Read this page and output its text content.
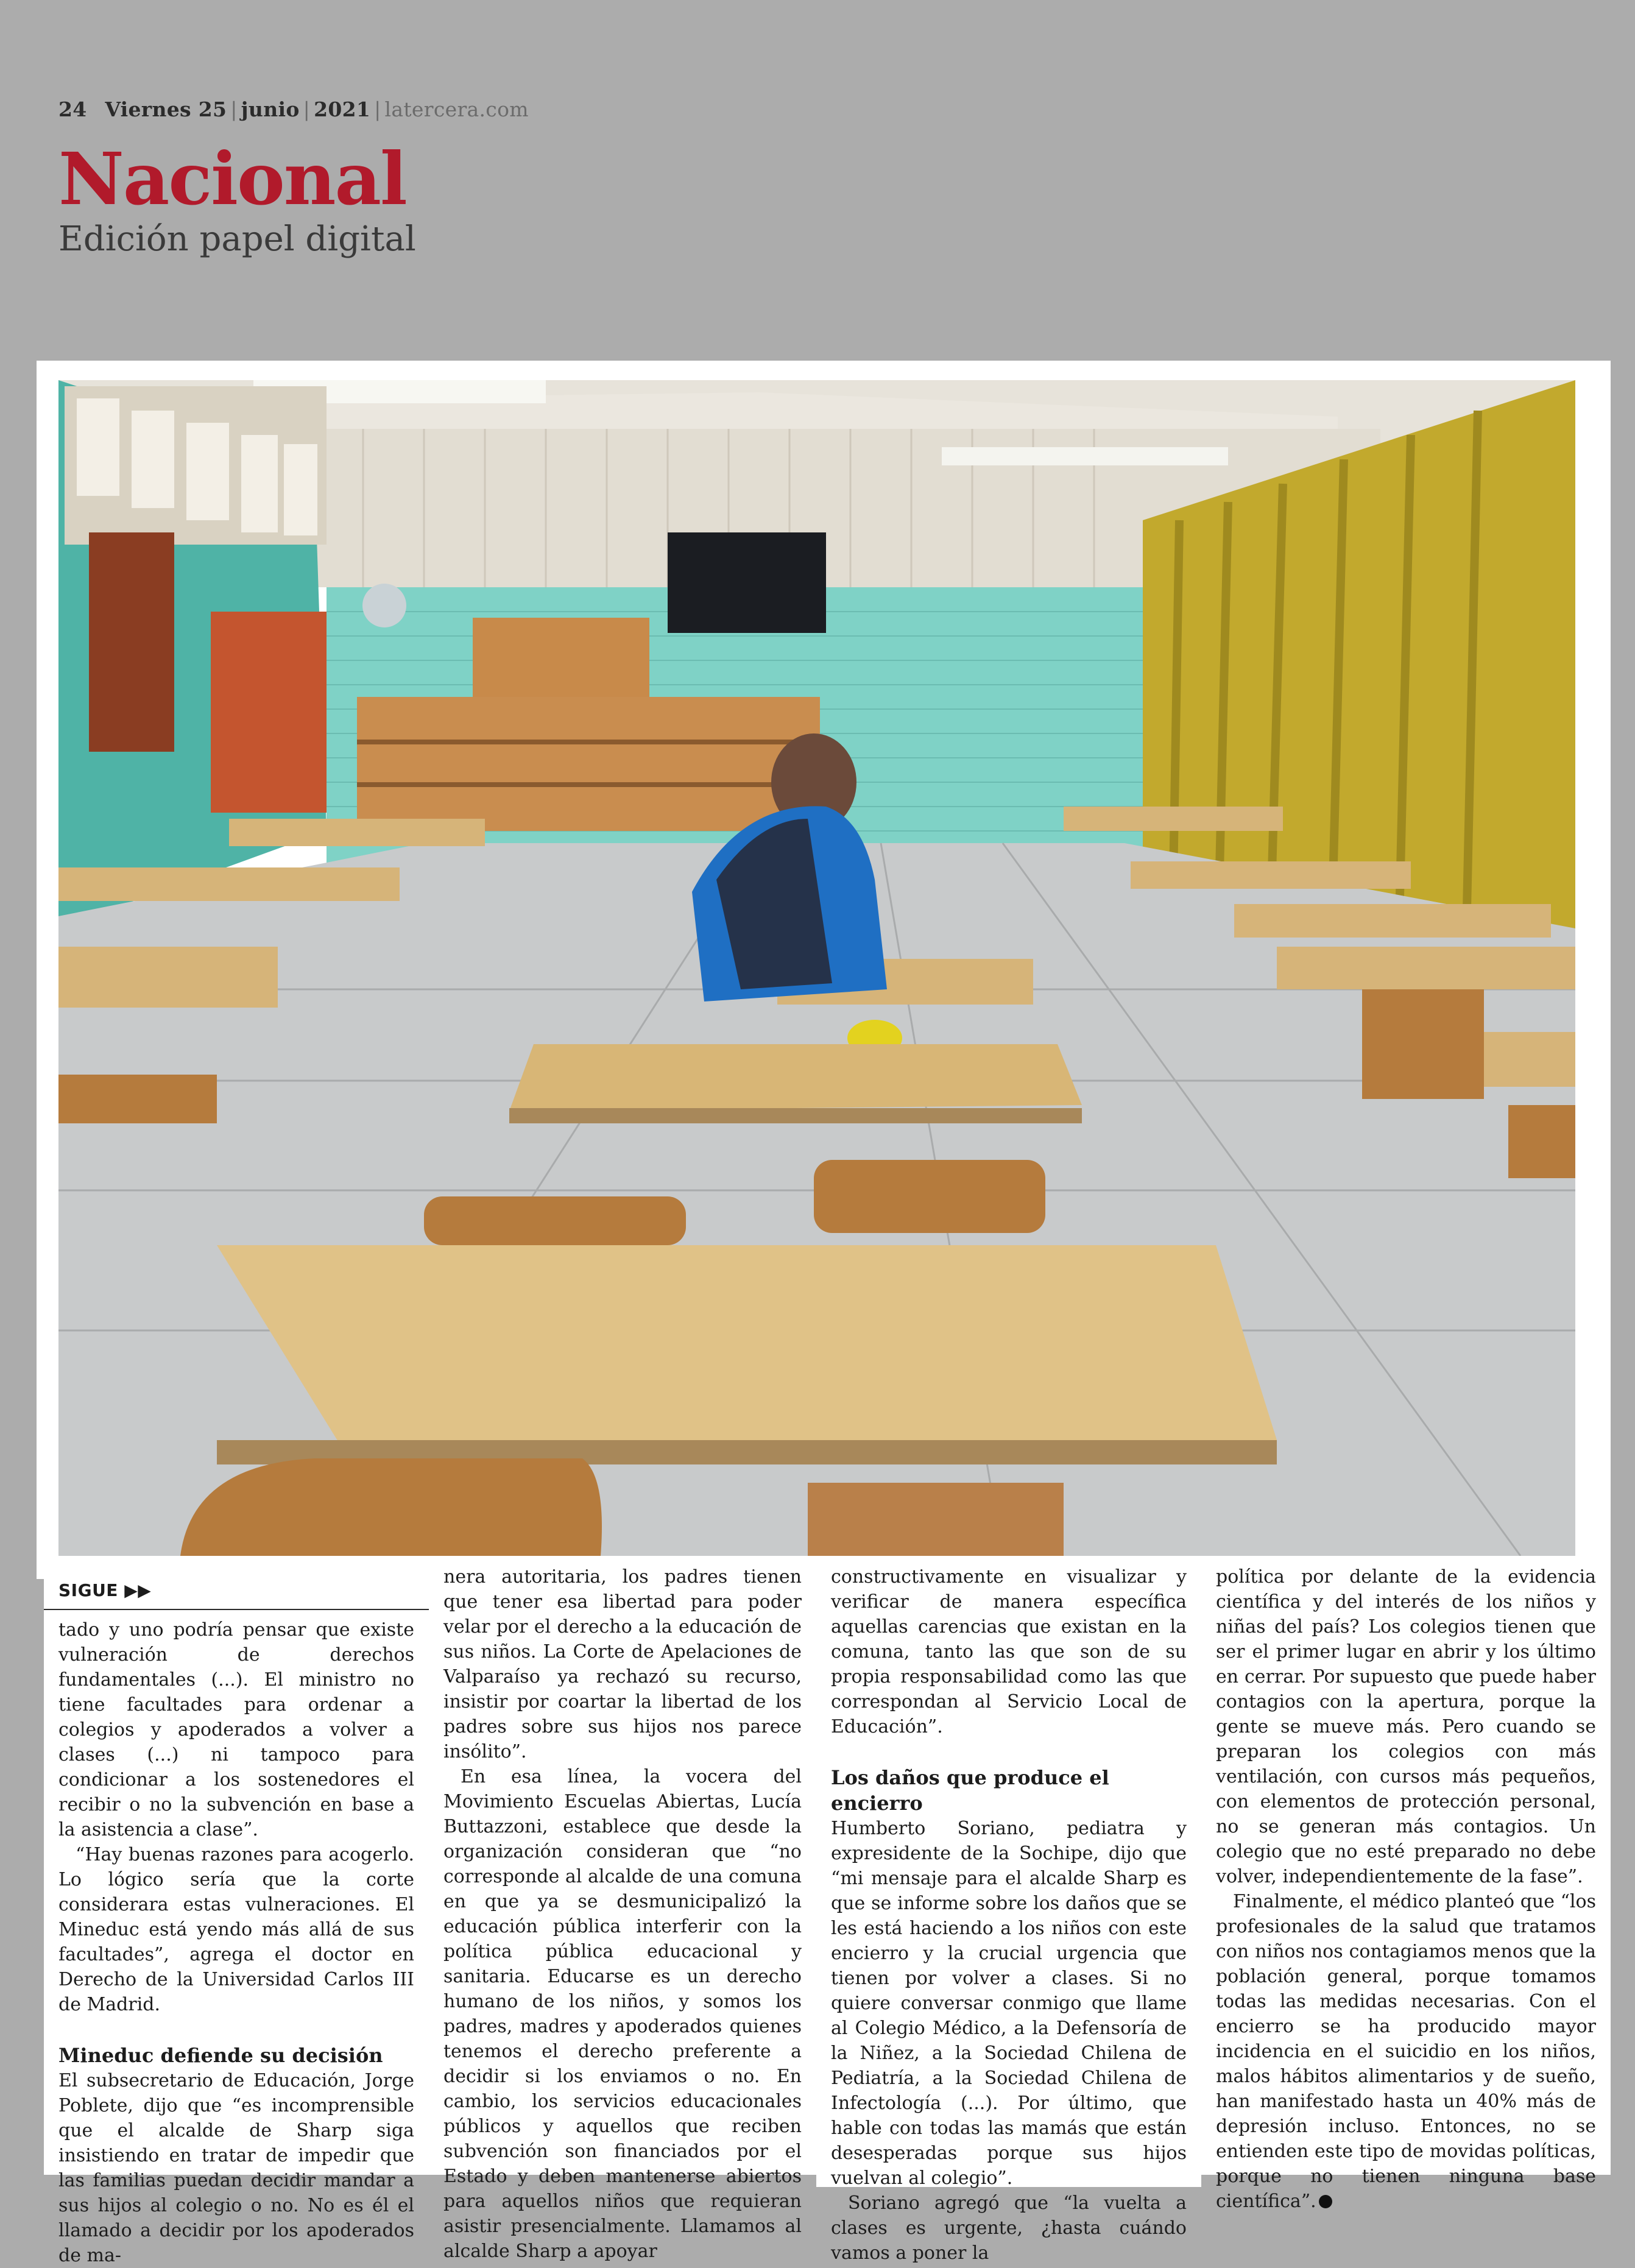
24 Viernes 25 | junio | 2021 | latercera.com
Nacional
Edición papel digital
SIGUE ▶▶

tado y uno podría pensar que existe vulneración de derechos fundamentales (...). El ministro no tiene facultades para ordenar a colegios y apoderados a volver a clases (...) ni tampoco para condicionar a los sostenedores el recibir o no la subvención en base a la asistencia a clase”.

“Hay buenas razones para acogerlo. Lo lógico sería que la corte considerara estas vulneraciones. El Mineduc está yendo más allá de sus facultades”, agrega el doctor en Derecho de la Universidad Carlos III de Madrid.

Mineduc defiende su decisión

El subsecretario de Educación, Jorge Poblete, dijo que “es incomprensible que el alcalde de Sharp siga insistiendo en tratar de impedir que las familias puedan decidir mandar a sus hijos al colegio o no. No es él el llamado a decidir por los apoderados de ma-

nera autoritaria, los padres tienen que tener esa libertad para poder velar por el derecho a la educación de sus niños. La Corte de Apelaciones de Valparaíso ya rechazó su recurso, insistir por coartar la libertad de los padres sobre sus hijos nos parece insólito”.

En esa línea, la vocera del Movimiento Escuelas Abiertas, Lucía Buttazzoni, establece que desde la organización consideran que “no corresponde al alcalde de una comuna en que ya se desmunicipalizó la educación pública interferir con la política pública educacional y sanitaria. Educarse es un derecho humano de los niños, y somos los padres, madres y apoderados quienes tenemos el derecho preferente a decidir si los enviamos o no. En cambio, los servicios educacionales públicos y aquellos que reciben subvención son financiados por el Estado y deben mantenerse abiertos para aquellos niños que requieran asistir presencialmente. Llamamos al alcalde Sharp a apoyar

constructivamente en visualizar y verificar de manera específica aquellas carencias que existan en la comuna, tanto las que son de su propia responsabilidad como las que correspondan al Servicio Local de Educación”.

Los daños que produce el encierro

Humberto Soriano, pediatra y expresidente de la Sochipe, dijo que “mi mensaje para el alcalde Sharp es que se informe sobre los daños que se les está haciendo a los niños con este encierro y la crucial urgencia que tienen por volver a clases. Si no quiere conversar conmigo que llame al Colegio Médico, a la Defensoría de la Niñez, a la Sociedad Chilena de Pediatría, a la Sociedad Chilena de Infectología (...). Por último, que hable con todas las mamás que están desesperadas porque sus hijos vuelvan al colegio”.

Soriano agregó que “la vuelta a clases es urgente, ¿hasta cuándo vamos a poner la

política por delante de la evidencia científica y del interés de los niños y niñas del país? Los colegios tienen que ser el primer lugar en abrir y los último en cerrar. Por supuesto que puede haber contagios con la apertura, porque la gente se mueve más. Pero cuando se preparan los colegios con más ventilación, con cursos más pequeños, con elementos de protección personal, no se generan más contagios. Un colegio que no esté preparado no debe volver, independientemente de la fase”.

Finalmente, el médico planteó que “los profesionales de la salud que tratamos con niños nos contagiamos menos que la población general, porque tomamos todas las medidas necesarias. Con el encierro se ha producido mayor incidencia en el suicidio en los niños, malos hábitos alimentarios y de sueño, han manifestado hasta un 40% más de depresión incluso. Entonces, no se entienden este tipo de movidas políticas, porque no tienen ninguna base científica”.
